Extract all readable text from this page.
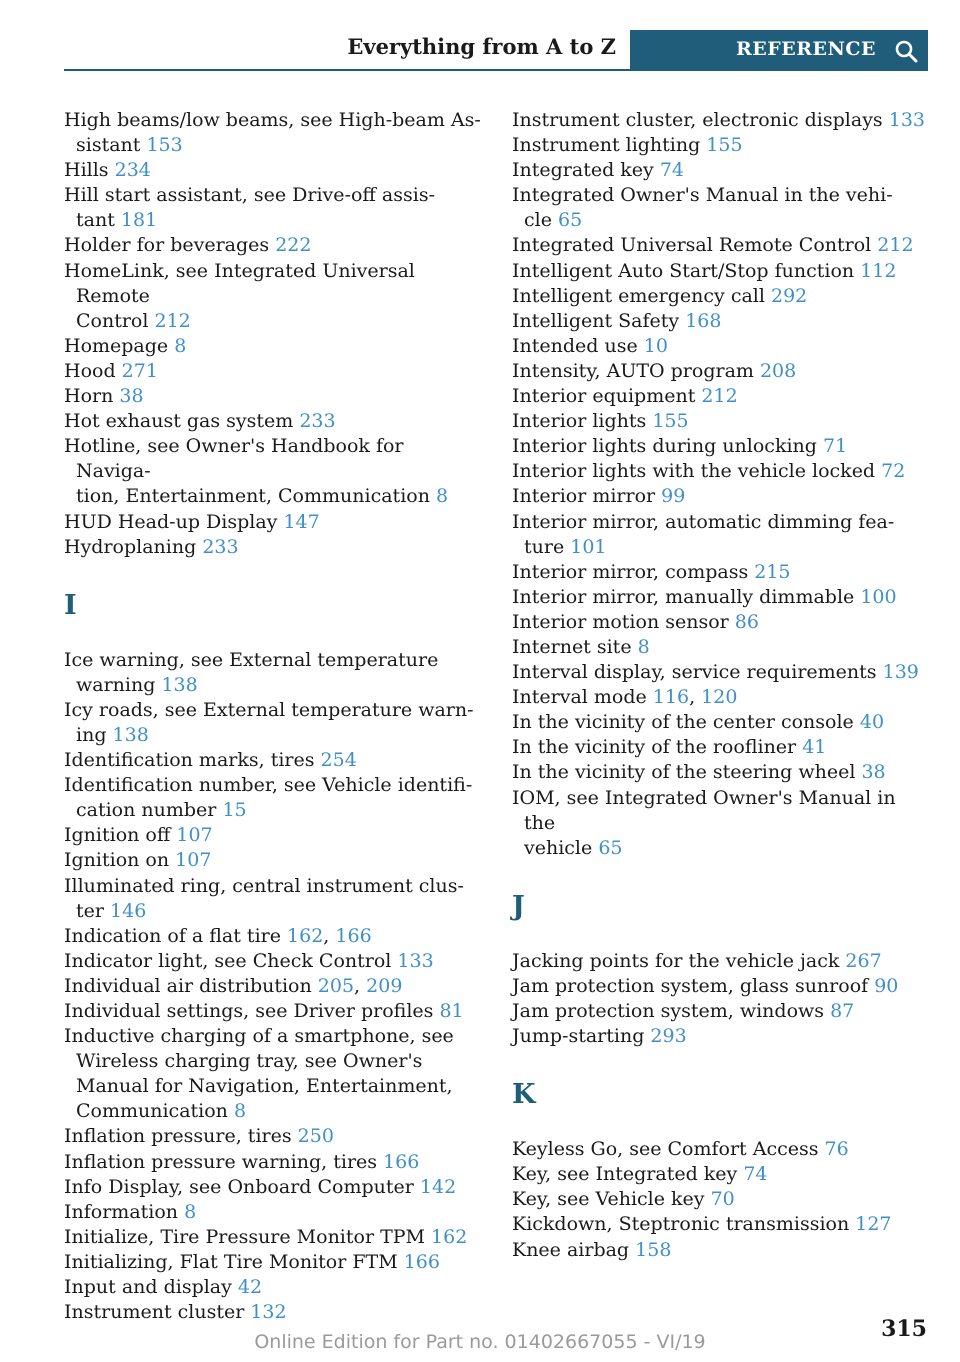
Everything from A to Z	REFERENCE
High beams/low beams, see High-beam As-
sistant 153
Hills 234
Hill start assistant, see Drive-off assis-
tant 181
Holder for beverages 222
HomeLink, see Integrated Universal Remote
Control 212
Homepage 8
Hood 271
Horn 38
Hot exhaust gas system 233
Hotline, see Owner's Handbook for Naviga-
tion, Entertainment, Communication 8
HUD Head-up Display 147
Hydroplaning 233
I
Ice warning, see External temperature
warning 138
Icy roads, see External temperature warn-
ing 138
Identification marks, tires 254
Identification number, see Vehicle identifi-
cation number 15
Ignition off 107
Ignition on 107
Illuminated ring, central instrument clus-
ter 146
Indication of a flat tire 162, 166
Indicator light, see Check Control 133
Individual air distribution 205, 209
Individual settings, see Driver profiles 81
Inductive charging of a smartphone, see
Wireless charging tray, see Owner's
Manual for Navigation, Entertainment,
Communication 8
Inflation pressure, tires 250
Inflation pressure warning, tires 166
Info Display, see Onboard Computer 142
Information 8
Initialize, Tire Pressure Monitor TPM 162
Initializing, Flat Tire Monitor FTM 166
Input and display 42
Instrument cluster 132
Instrument cluster, electronic displays 133
Instrument lighting 155
Integrated key 74
Integrated Owner's Manual in the vehi-
cle 65
Integrated Universal Remote Control 212
Intelligent Auto Start/Stop function 112
Intelligent emergency call 292
Intelligent Safety 168
Intended use 10
Intensity, AUTO program 208
Interior equipment 212
Interior lights 155
Interior lights during unlocking 71
Interior lights with the vehicle locked 72
Interior mirror 99
Interior mirror, automatic dimming fea-
ture 101
Interior mirror, compass 215
Interior mirror, manually dimmable 100
Interior motion sensor 86
Internet site 8
Interval display, service requirements 139
Interval mode 116, 120
In the vicinity of the center console 40
In the vicinity of the roofliner 41
In the vicinity of the steering wheel 38
IOM, see Integrated Owner's Manual in the
vehicle 65
J
Jacking points for the vehicle jack 267
Jam protection system, glass sunroof 90
Jam protection system, windows 87
Jump-starting 293
K
Keyless Go, see Comfort Access 76
Key, see Integrated key 74
Key, see Vehicle key 70
Kickdown, Steptronic transmission 127
Knee airbag 158
315
Online Edition for Part no. 01402667055 - VI/19
